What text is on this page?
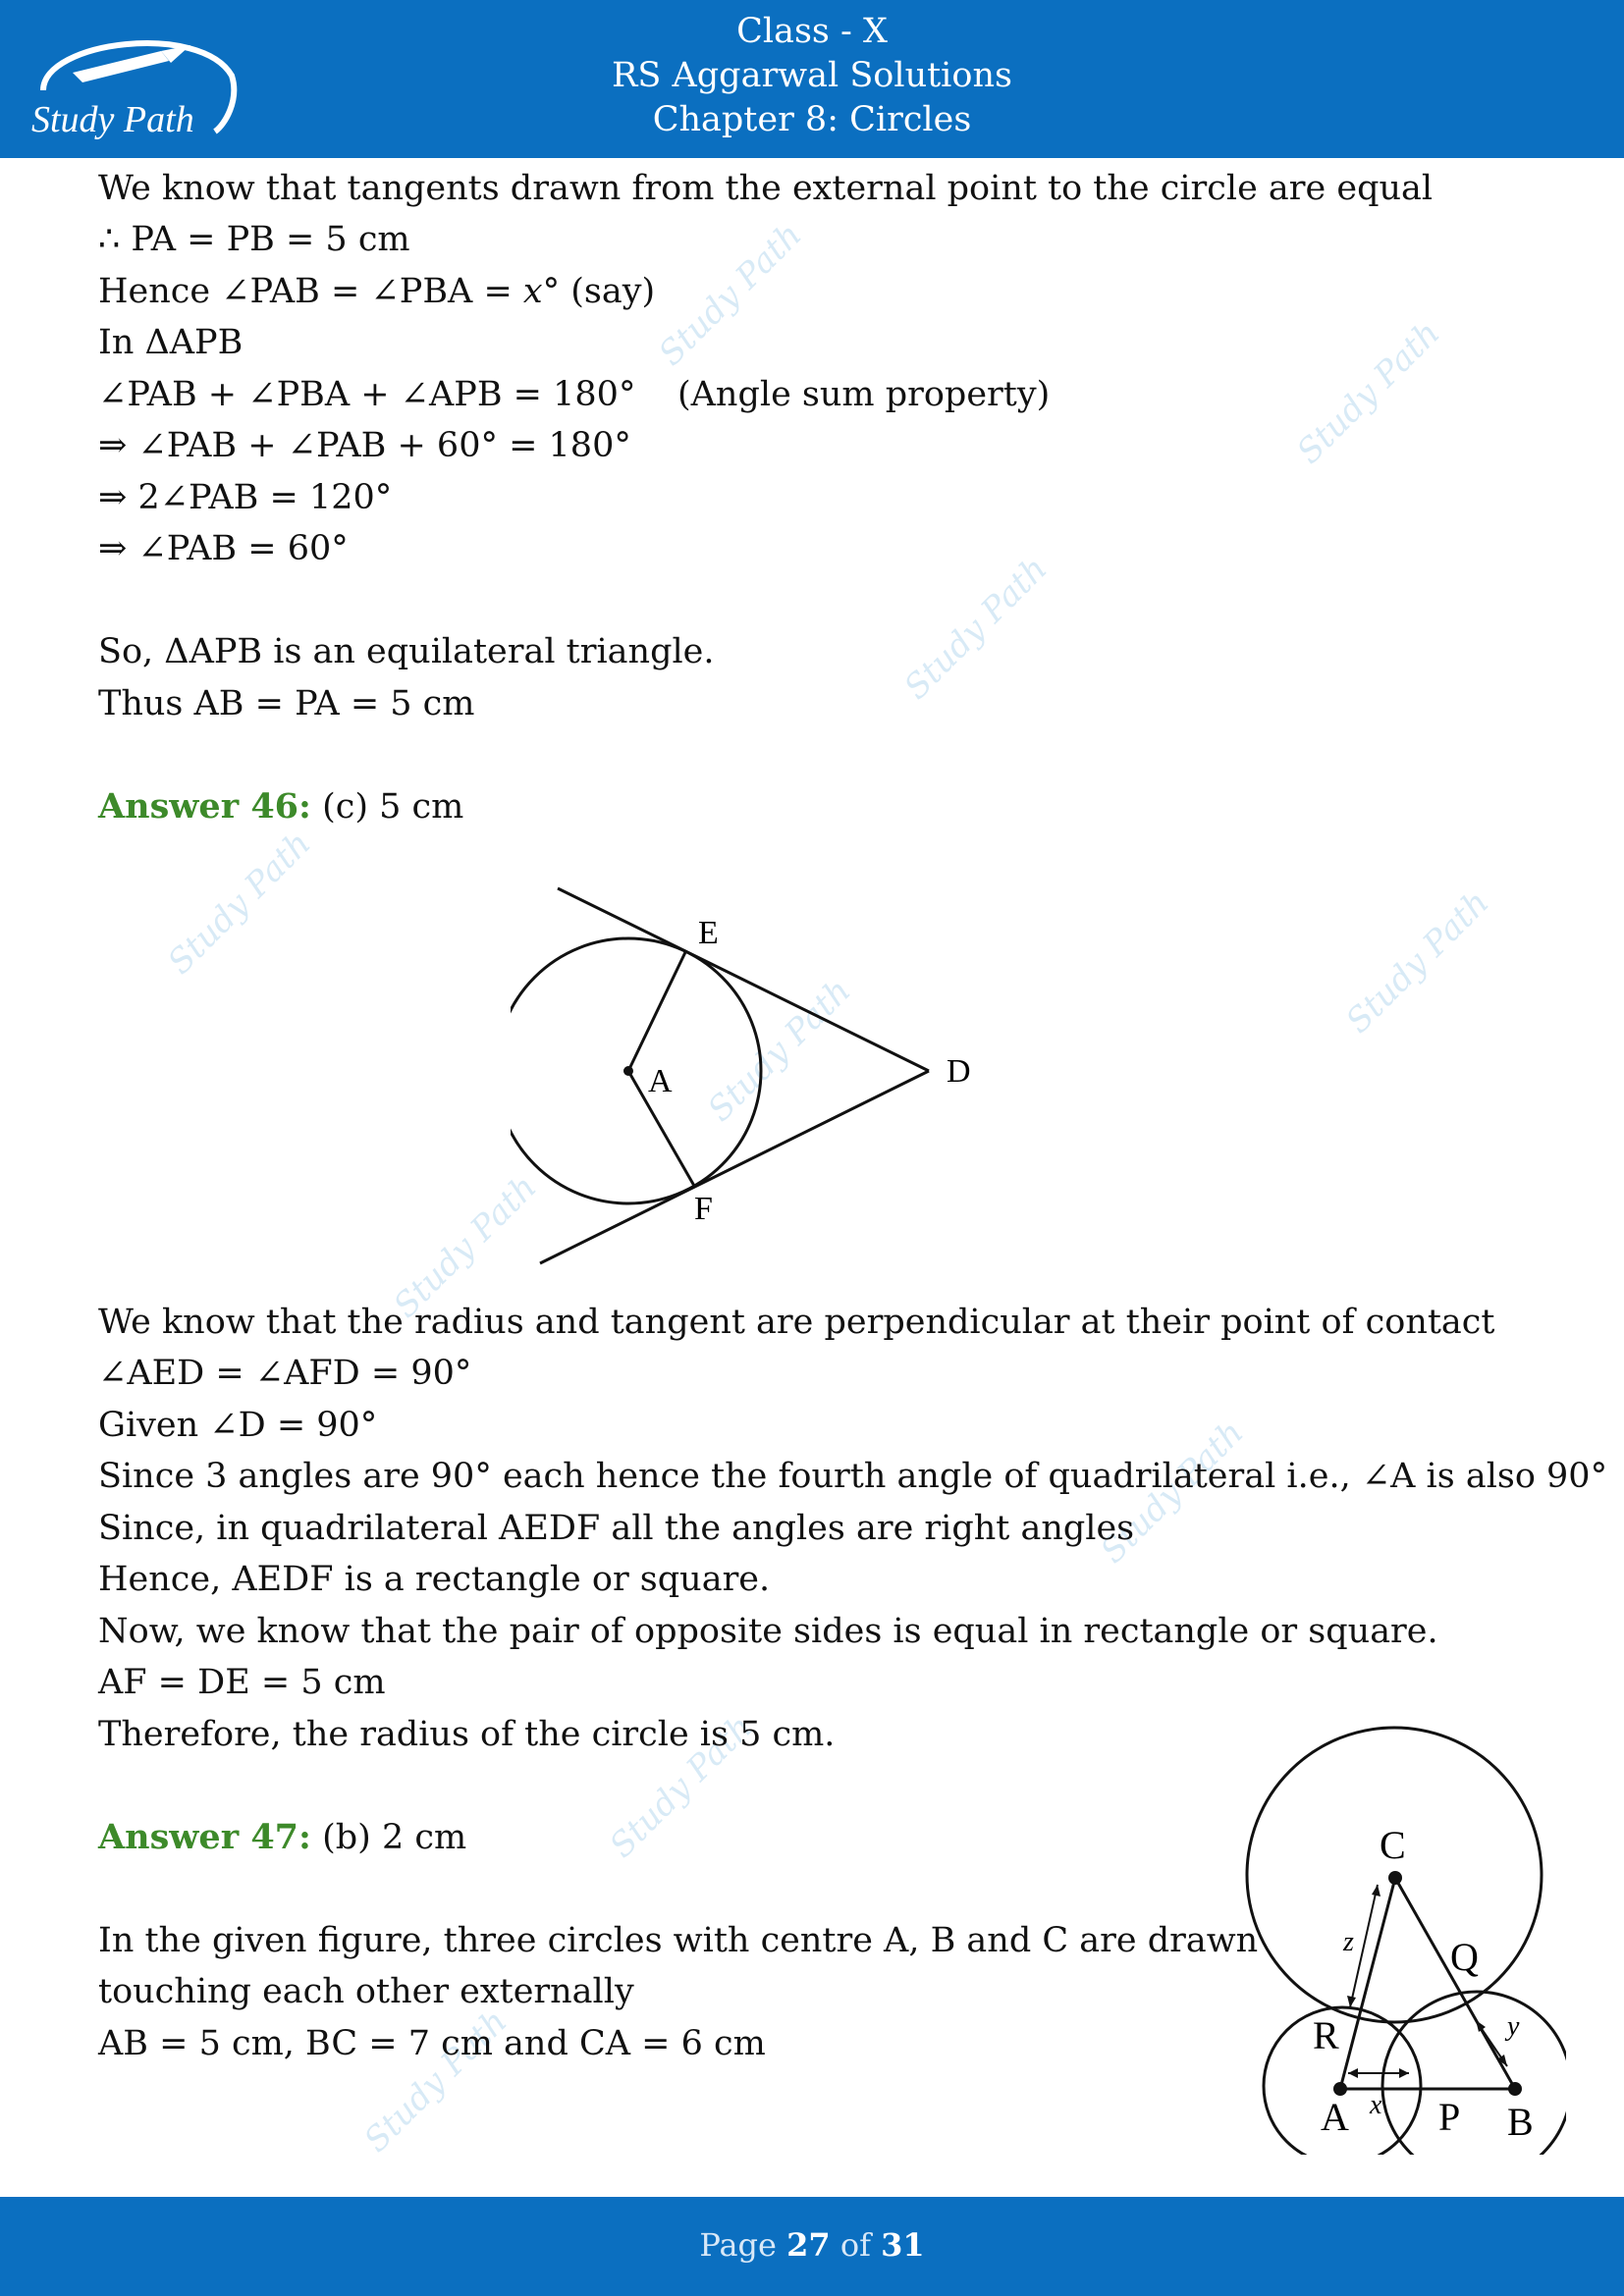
Study Path
Class - X
RS Aggarwal Solutions
Chapter 8: Circles
Study Path
Study Path
Study Path
Study Path
Study Path
Study Path
Study Path
Study Path
Study Path
Study Path
We know that tangents drawn from the external point to the circle are equal
∴ PA = PB = 5 cm
Hence ∠PAB = ∠PBA = 𝑥° (say)
In ΔAPB
∠PAB + ∠PBA + ∠APB = 180° (Angle sum property)
⇒ ∠PAB + ∠PAB + 60° = 180°
⇒ 2∠PAB = 120°
⇒ ∠PAB = 60°
So, ΔAPB is an equilateral triangle.
Thus AB = PA = 5 cm
Answer 46: (c) 5 cm
We know that the radius and tangent are perpendicular at their point of contact
∠AED = ∠AFD = 90°
Given ∠D = 90°
Since 3 angles are 90° each hence the fourth angle of quadrilateral i.e., ∠A is also 90°
Since, in quadrilateral AEDF all the angles are right angles
Hence, AEDF is a rectangle or square.
Now, we know that the pair of opposite sides is equal in rectangle or square.
AF = DE = 5 cm
Therefore, the radius of the circle is 5 cm.
Answer 47: (b) 2 cm
In the given figure, three circles with centre A, B and C are drawn
touching each other externally
AB = 5 cm, BC = 7 cm and CA = 6 cm
E
A	D
F
C
Q
R
A P B
x
y
z
Page 27 of 31
